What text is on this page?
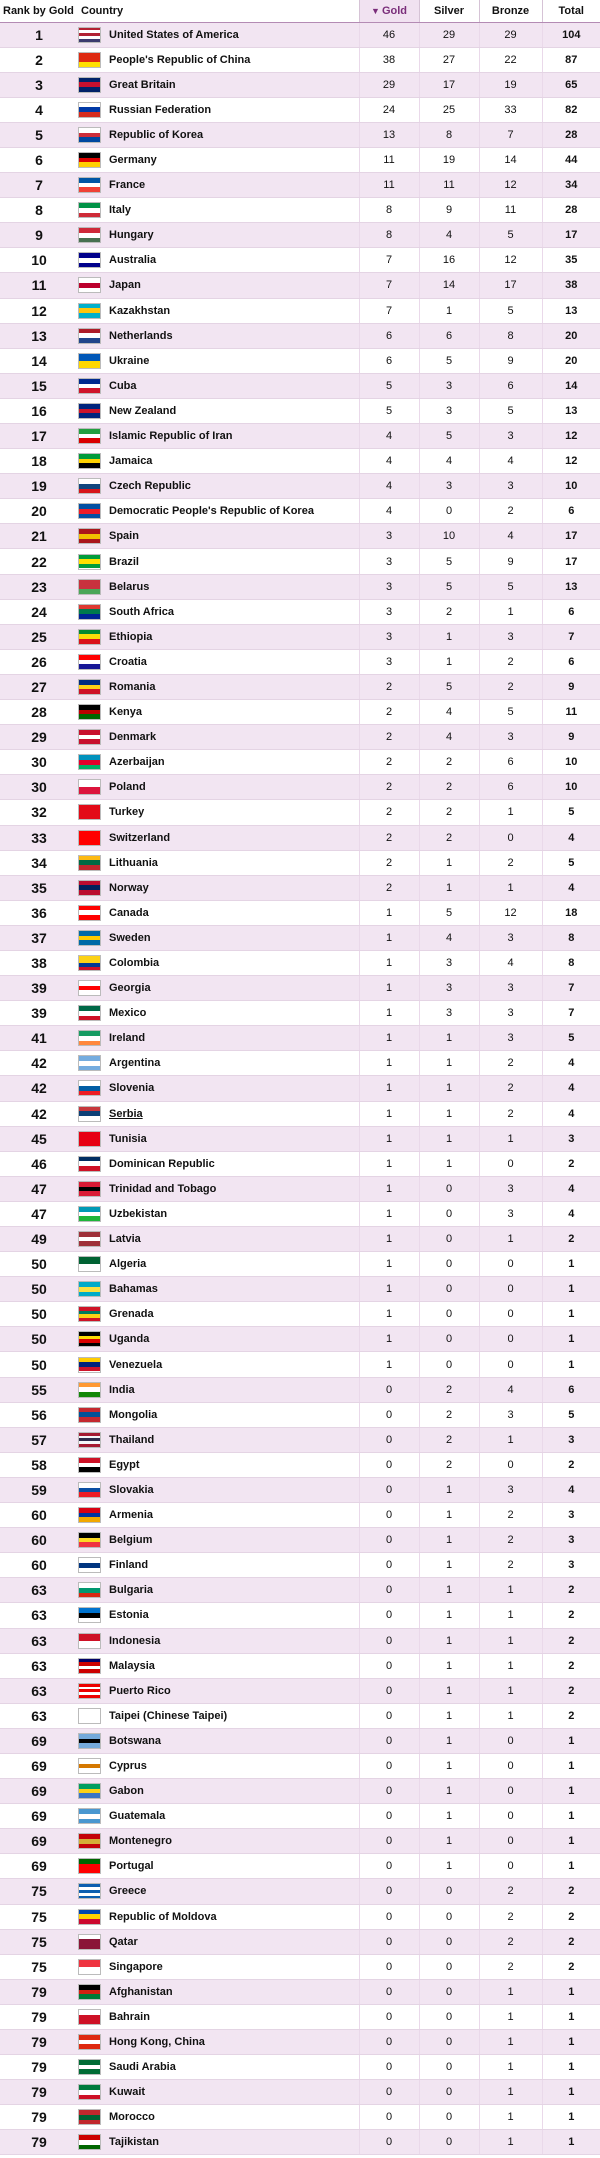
Rank by Gold	Country		▼ Gold	Silver	Bronze	Total
1		United States of America	46	29	29	104
2		People's Republic of China	38	27	22	87
3		Great Britain	29	17	19	65
4		Russian Federation	24	25	33	82
5		Republic of Korea	13	8	7	28
6		Germany	11	19	14	44
7		France	11	11	12	34
8		Italy	8	9	11	28
9		Hungary	8	4	5	17
10		Australia	7	16	12	35
11		Japan	7	14	17	38
12		Kazakhstan	7	1	5	13
13		Netherlands	6	6	8	20
14		Ukraine	6	5	9	20
15		Cuba	5	3	6	14
16		New Zealand	5	3	5	13
17		Islamic Republic of Iran	4	5	3	12
18		Jamaica	4	4	4	12
19		Czech Republic	4	3	3	10
20		Democratic People's Republic of Korea	4	0	2	6
21		Spain	3	10	4	17
22		Brazil	3	5	9	17
23		Belarus	3	5	5	13
24		South Africa	3	2	1	6
25		Ethiopia	3	1	3	7
26		Croatia	3	1	2	6
27		Romania	2	5	2	9
28		Kenya	2	4	5	11
29		Denmark	2	4	3	9
30		Azerbaijan	2	2	6	10
30		Poland	2	2	6	10
32		Turkey	2	2	1	5
33		Switzerland	2	2	0	4
34		Lithuania	2	1	2	5
35		Norway	2	1	1	4
36		Canada	1	5	12	18
37		Sweden	1	4	3	8
38		Colombia	1	3	4	8
39		Georgia	1	3	3	7
39		Mexico	1	3	3	7
41		Ireland	1	1	3	5
42		Argentina	1	1	2	4
42		Slovenia	1	1	2	4
42		Serbia	1	1	2	4
45		Tunisia	1	1	1	3
46		Dominican Republic	1	1	0	2
47		Trinidad and Tobago	1	0	3	4
47		Uzbekistan	1	0	3	4
49		Latvia	1	0	1	2
50		Algeria	1	0	0	1
50		Bahamas	1	0	0	1
50		Grenada	1	0	0	1
50		Uganda	1	0	0	1
50		Venezuela	1	0	0	1
55		India	0	2	4	6
56		Mongolia	0	2	3	5
57		Thailand	0	2	1	3
58		Egypt	0	2	0	2
59		Slovakia	0	1	3	4
60		Armenia	0	1	2	3
60		Belgium	0	1	2	3
60		Finland	0	1	2	3
63		Bulgaria	0	1	1	2
63		Estonia	0	1	1	2
63		Indonesia	0	1	1	2
63		Malaysia	0	1	1	2
63		Puerto Rico	0	1	1	2
63		Taipei (Chinese Taipei)	0	1	1	2
69		Botswana	0	1	0	1
69		Cyprus	0	1	0	1
69		Gabon	0	1	0	1
69		Guatemala	0	1	0	1
69		Montenegro	0	1	0	1
69		Portugal	0	1	0	1
75		Greece	0	0	2	2
75		Republic of Moldova	0	0	2	2
75		Qatar	0	0	2	2
75		Singapore	0	0	2	2
79		Afghanistan	0	0	1	1
79		Bahrain	0	0	1	1
79		Hong Kong, China	0	0	1	1
79		Saudi Arabia	0	0	1	1
79		Kuwait	0	0	1	1
79		Morocco	0	0	1	1
79		Tajikistan	0	0	1	1
